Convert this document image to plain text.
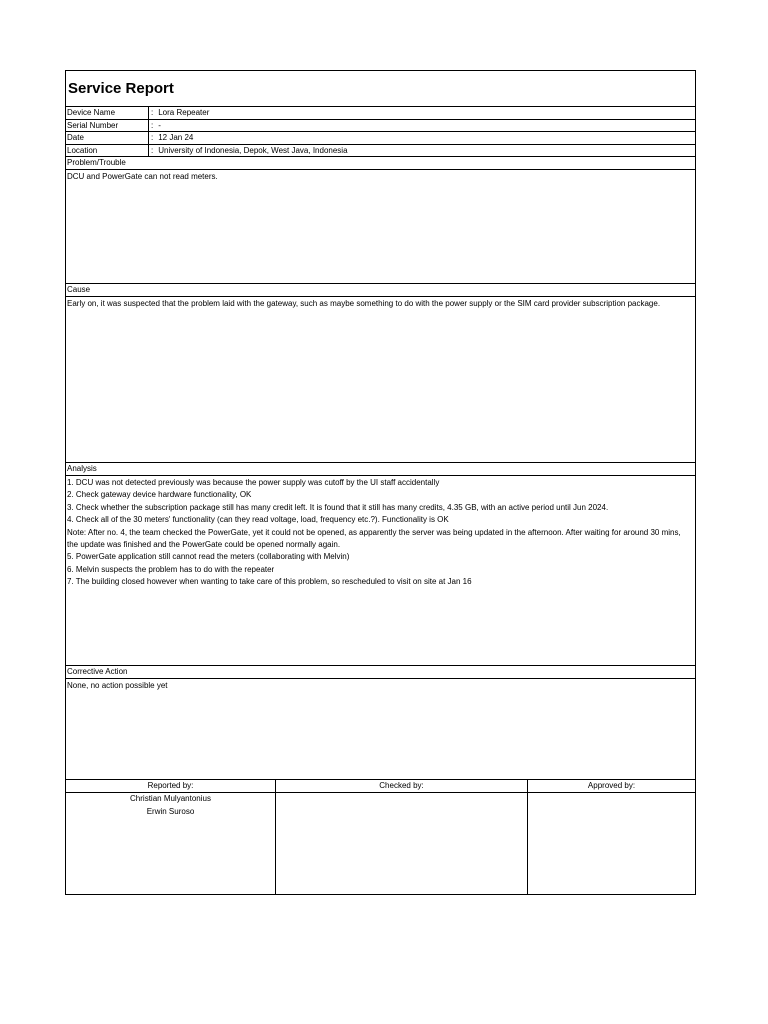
Service Report
Device Name	: Lora Repeater
Serial Number	: -
Date	: 12 Jan 24
Location	: University of Indonesia, Depok, West Java, Indonesia
Problem/Trouble

DCU and PowerGate can not read meters.

Cause

Early on, it was suspected that the problem laid with the gateway, such as maybe something to do with the power supply or the SIM card provider subscription package.

Analysis

1. DCU was not detected previously was because the power supply was cutoff by the UI staff accidentally

2. Check gateway device hardware functionality, OK

3. Check whether the subscription package still has many credit left. It is found that it still has many credits, 4.35 GB, with an active period until Jun 2024.

4. Check all of the 30 meters' functionality (can they read voltage, load, frequency etc.?). Functionality is OK

Note: After no. 4, the team checked the PowerGate, yet it could not be opened, as apparently the server was being updated in the afternoon. After waiting for around 30 mins, the update was finished and the PowerGate could be opened normally again.

5. PowerGate application still cannot read the meters (collaborating with Melvin)

6. Melvin suspects the problem has to do with the repeater

7. The building closed however when wanting to take care of this problem, so rescheduled to visit on site at Jan 16

Corrective Action

None, no action possible yet

Reported by:	Checked by:	Approved by:
Christian Mulyantonius
Erwin Suroso
